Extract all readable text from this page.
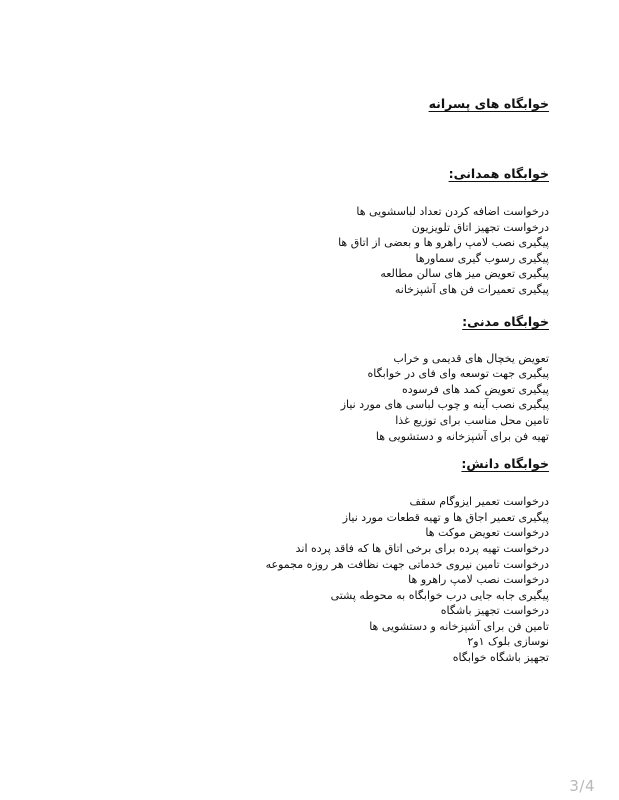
خوابگاه های پسرانه
خوابگاه همدانی:
درخواست اضافه کردن تعداد لباسشویی ها
درخواست تجهیز اتاق تلویزیون
پیگیری نصب لامپ راهرو ها و بعضی از اتاق ها
پیگیری رسوب گیری سماورها
پیگیری تعویض میز های سالن مطالعه
پیگیری تعمیرات فن های آشپزخانه
خوابگاه مدنی:
تعویض یخچال های قدیمی و خراب
پیگیری جهت توسعه وای فای در خوابگاه
پیگیری تعویض کمد های فرسوده
پیگیری نصب آینه و چوب لباسی های مورد نیاز
تامین محل مناسب برای توزیع غذا
تهیه فن برای آشپزخانه و دستشویی ها
خوابگاه دانش:
درخواست تعمیر ایزوگام سقف
پیگیری تعمیر اجاق ها و تهیه قطعات مورد نیاز
درخواست تعویض موکت ها
درخواست تهیه پرده برای برخی اتاق ها که فاقد پرده اند
درخواست تامین نیروی خدماتی جهت نظافت هر روزه مجموعه
درخواست نصب لامپ راهرو ها
پیگیری جابه جایی درب خوابگاه به محوطه پشتی
درخواست تجهیز باشگاه
تامین فن برای آشپزخانه و دستشویی ها
نوسازی بلوک ۱و۲
تجهیز باشگاه خوابگاه
3/4
